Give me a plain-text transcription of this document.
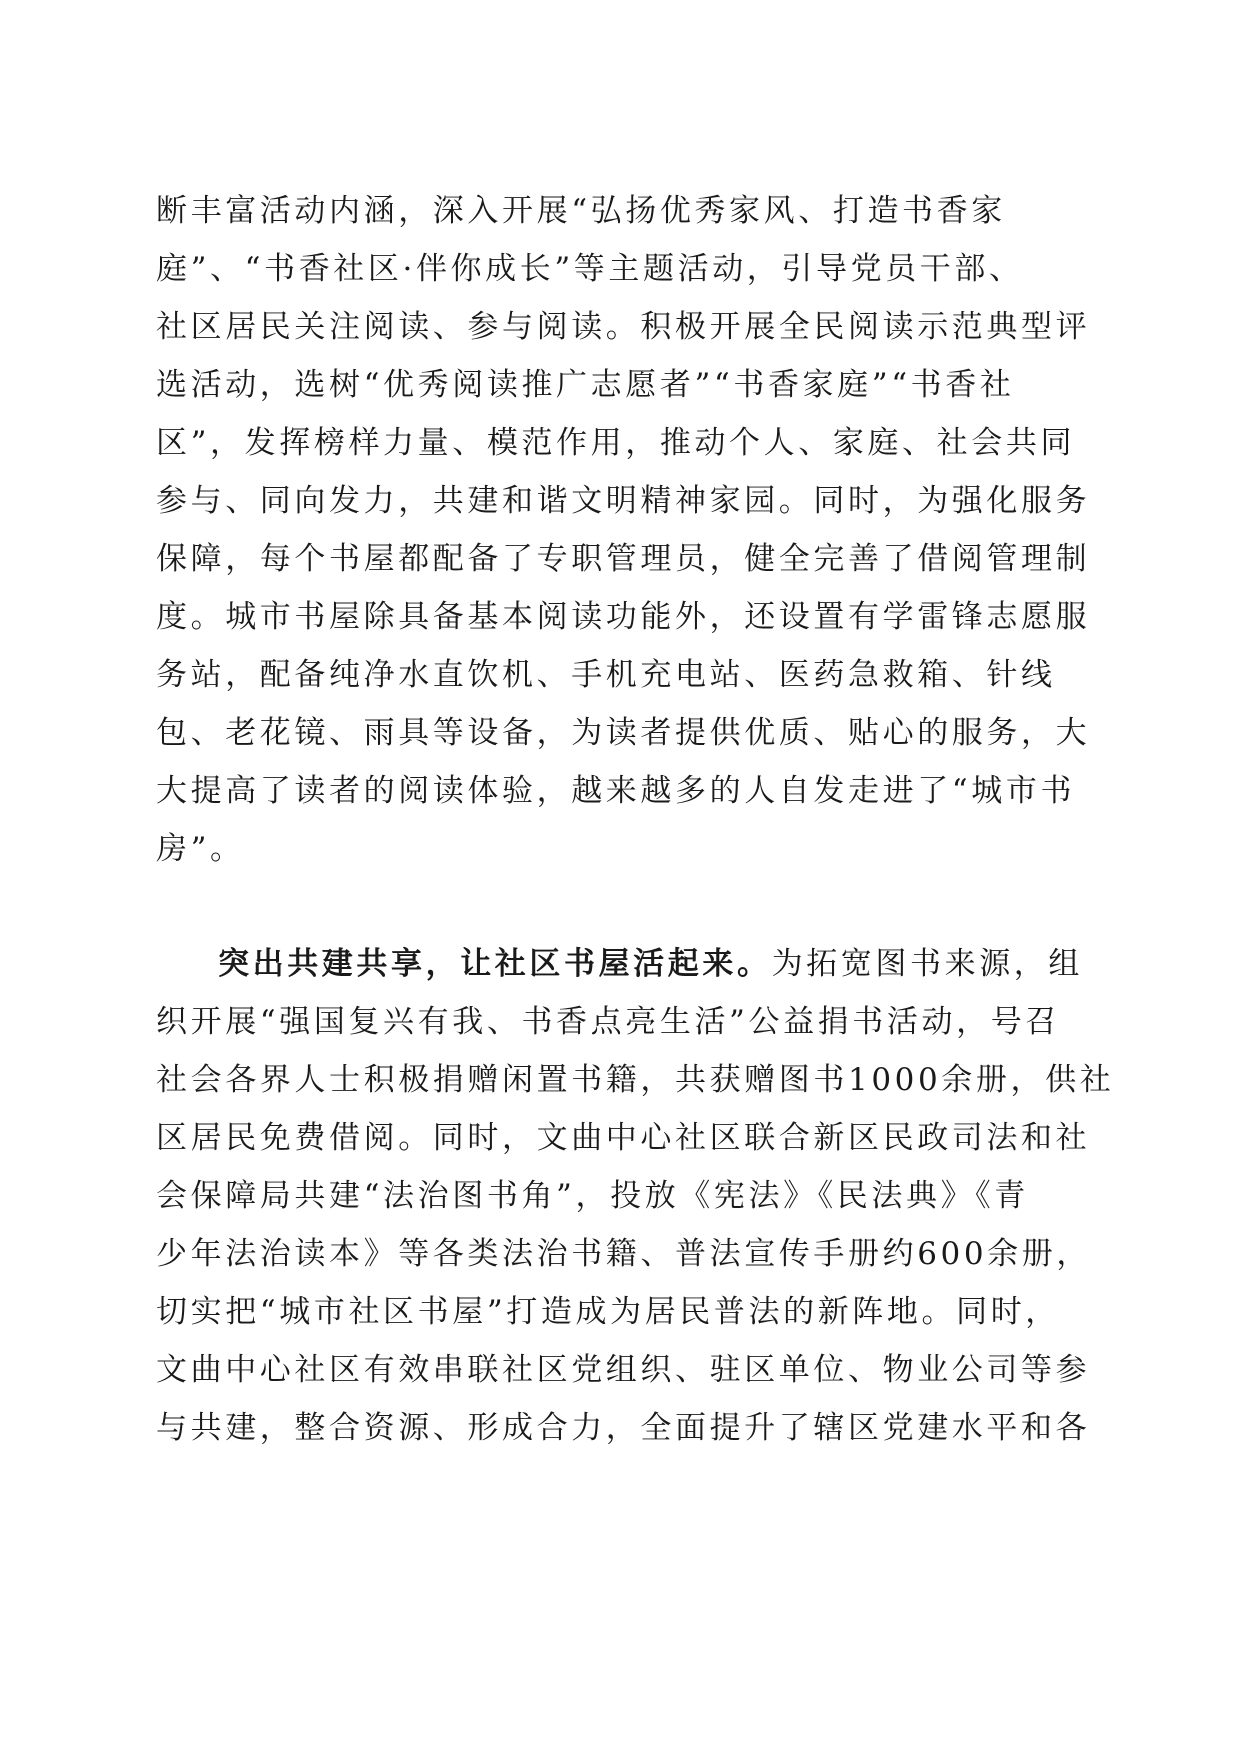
断丰富活动内涵，深入开展“弘扬优秀家风、打造书香家
庭”、“书香社区·伴你成长”等主题活动，引导党员干部、
社区居民关注阅读、参与阅读。积极开展全民阅读示范典型评
选活动，选树“优秀阅读推广志愿者”“书香家庭”“书香社
区”，发挥榜样力量、模范作用，推动个人、家庭、社会共同
参与、同向发力，共建和谐文明精神家园。同时，为强化服务
保障，每个书屋都配备了专职管理员，健全完善了借阅管理制
度。城市书屋除具备基本阅读功能外，还设置有学雷锋志愿服
务站，配备纯净水直饮机、手机充电站、医药急救箱、针线
包、老花镜、雨具等设备，为读者提供优质、贴心的服务，大
大提高了读者的阅读体验，越来越多的人自发走进了“城市书
房”。
突出共建共享，让社区书屋活起来。为拓宽图书来源，组
织开展“强国复兴有我、书香点亮生活”公益捐书活动，号召
社会各界人士积极捐赠闲置书籍，共获赠图书1000余册，供社
区居民免费借阅。同时，文曲中心社区联合新区民政司法和社
会保障局共建“法治图书角”，投放《宪法》《民法典》《青
少年法治读本》等各类法治书籍、普法宣传手册约600余册，
切实把“城市社区书屋”打造成为居民普法的新阵地。同时，
文曲中心社区有效串联社区党组织、驻区单位、物业公司等参
与共建，整合资源、形成合力，全面提升了辖区党建水平和各
